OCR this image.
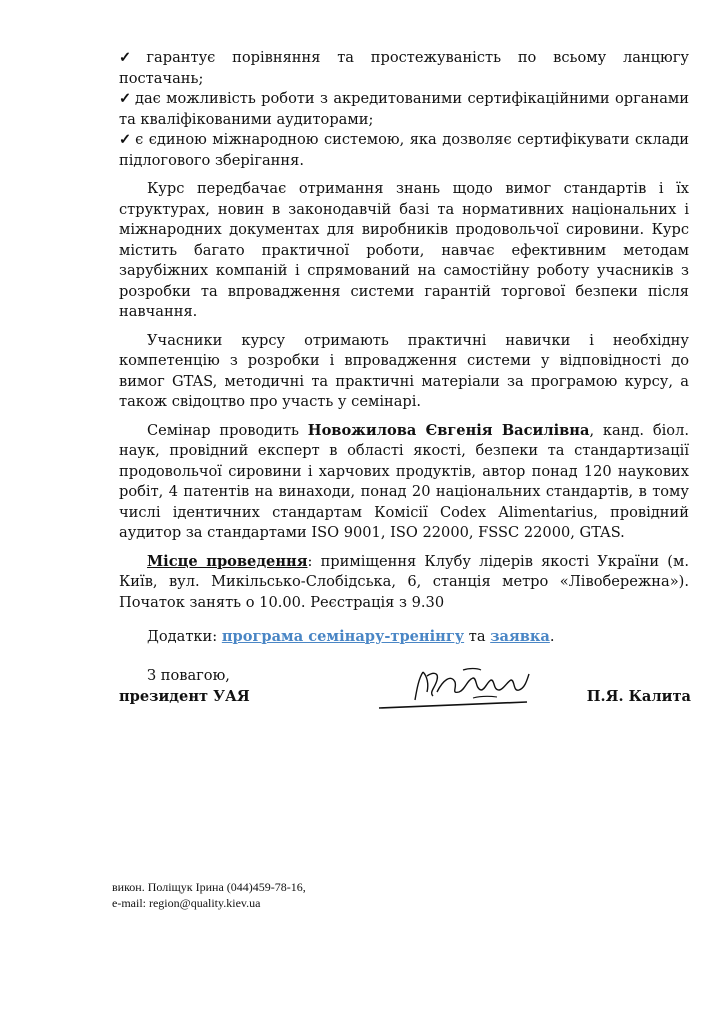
✓ гарантує порівняння та простежуваність по всьому ланцюгу постачань;

✓ дає можливість роботи з акредитованими сертифікаційними органами та кваліфікованими аудиторами;

✓ є єдиною міжнародною системою, яка дозволяє сертифікувати склади підлогового зберігання.

Курс передбачає отримання знань щодо вимог стандартів і їх структурах, новин в законодавчій базі та нормативних національних і міжнародних документах для виробників продовольчої сировини. Курс містить багато практичної роботи, навчає ефективним методам зарубіжних компаній і спрямований на самостійну роботу учасників з розробки та впровадження системи гарантій торгової безпеки після навчання.

Учасники курсу отримають практичні навички і необхідну компетенцію з розробки і впровадження системи у відповідності до вимог GTAS, методичні та практичні матеріали за програмою курсу, а також свідоцтво про участь у семінарі.

Семінар проводить Новожилова Євгенія Василівна, канд. біол. наук, провідний експерт в області якості, безпеки та стандартизації продовольчої сировини і харчових продуктів, автор понад 120 наукових робіт, 4 патентів на винаходи, понад 20 національних стандартів, в тому числі ідентичних стандартам Комісії Codex Alimentarius, провідний аудитор за стандартами ISO 9001, ISO 22000, FSSC 22000, GTAS.

Місце проведення: приміщення Клубу лідерів якості України (м. Київ, вул. Микільсько-Слобідська, 6, станція метро «Лівобережна»). Початок занять о 10.00. Реєстрація з 9.30

Додатки: програма семінару-тренінгу та заявка.

З повагою,
президент УАЯ	П.Я. Калита
викон. Поліщук Ірина (044)459-78-16,
e-mail: region@quality.kiev.ua
